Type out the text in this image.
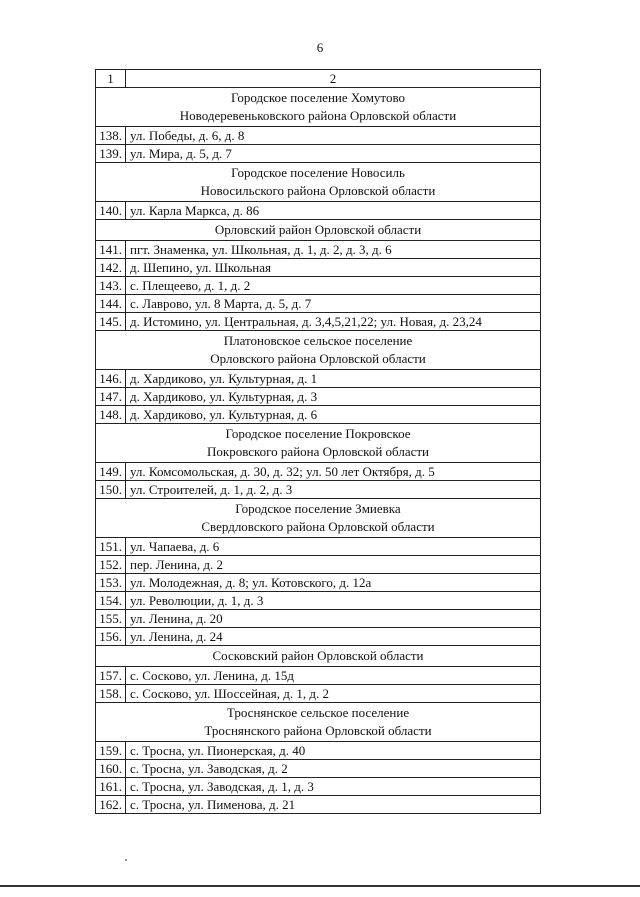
6
1	2

Городское поселение Хомутово
Новодеревеньковского района Орловской области	

138.	ул. Победы, д. 6, д. 8
139.	ул. Мира, д. 5, д. 7

Городское поселение Новосиль
Новосильского района Орловской области	

140.	ул. Карла Маркса, д. 86

Орловский район Орловской области	

141.	пгт. Знаменка, ул. Школьная, д. 1, д. 2, д. 3, д. 6
142.	д. Шепино, ул. Школьная
143.	с. Плещеево, д. 1, д. 2
144.	с. Лаврово, ул. 8 Марта, д. 5, д. 7
145.	д. Истомино, ул. Центральная, д. 3,4,5,21,22; ул. Новая, д. 23,24

Платоновское сельское поселение
Орловского района Орловской области	

146.	д. Хардиково, ул. Культурная, д. 1
147.	д. Хардиково, ул. Культурная, д. 3
148.	д. Хардиково, ул. Культурная, д. 6

Городское поселение Покровское
Покровского района Орловской области	

149.	ул. Комсомольская, д. 30, д. 32; ул. 50 лет Октября, д. 5
150.	ул. Строителей, д. 1, д. 2, д. 3

Городское поселение Змиевка
Свердловского района Орловской области	

151.	ул. Чапаева, д. 6
152.	пер. Ленина, д. 2
153.	ул. Молодежная, д. 8; ул. Котовского, д. 12а
154.	ул. Революции, д. 1, д. 3
155.	ул. Ленина, д. 20
156.	ул. Ленина, д. 24

Сосковский район Орловской области	

157.	с. Сосково, ул. Ленина, д. 15д
158.	с. Сосково, ул. Шоссейная, д. 1, д. 2

Троснянское сельское поселение
Троснянского района Орловской области	

159.	с. Тросна, ул. Пионерская, д. 40
160.	с. Тросна, ул. Заводская, д. 2
161.	с. Тросна, ул. Заводская, д. 1, д. 3
162.	с. Тросна, ул. Пименова, д. 21
